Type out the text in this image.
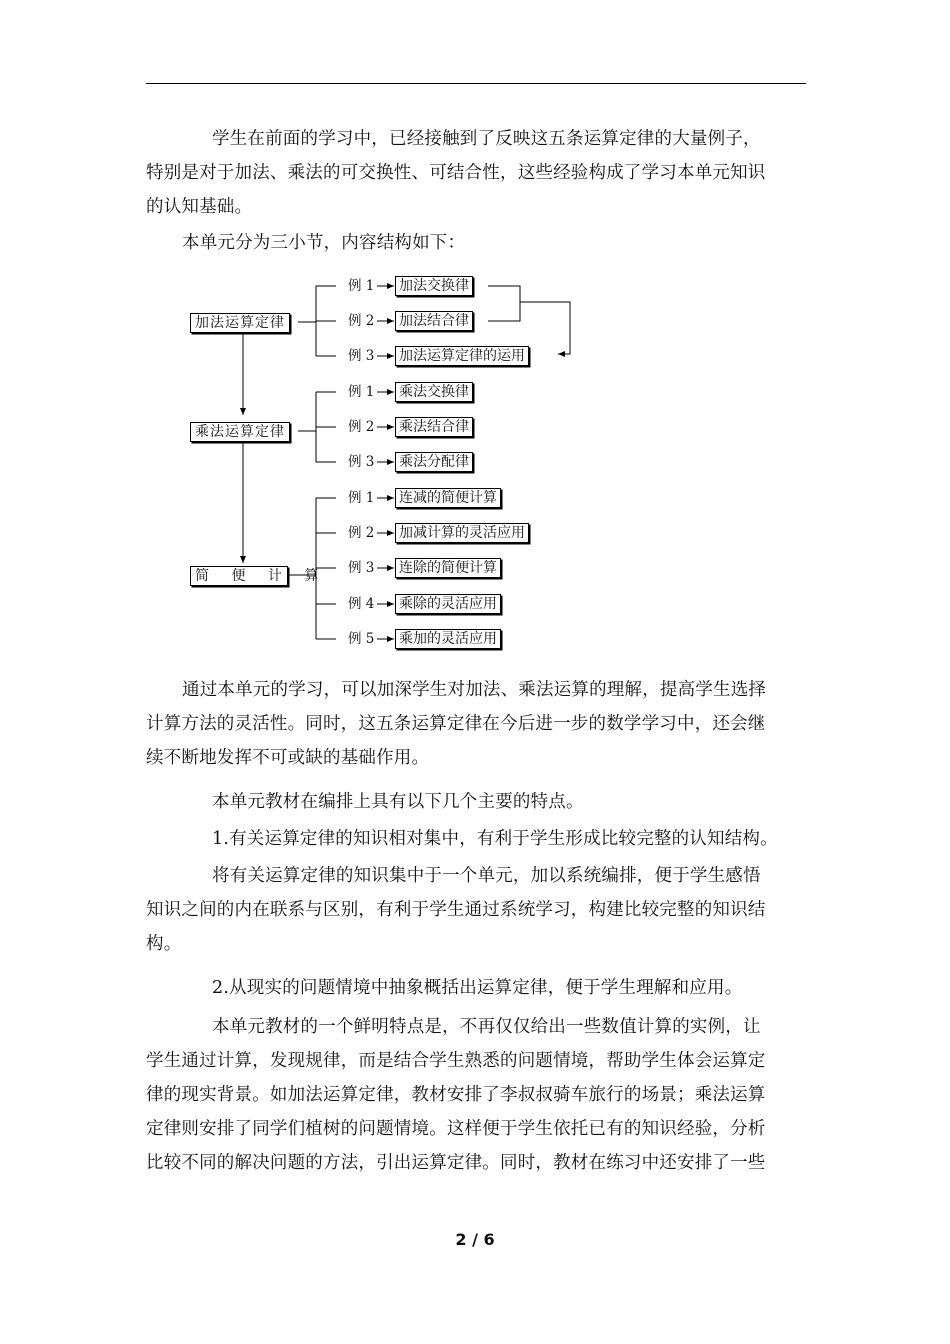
学生在前面的学习中，已经接触到了反映这五条运算定律的大量例子，
特别是对于加法、乘法的可交换性、可结合性，这些经验构成了学习本单元知识
的认知基础。

本单元分为三小节，内容结构如下：

加法运算定律
例 1
例 2
例 3
加法交换律
加法结合律
加法运算定律的运用
乘法运算定律
例 1
例 2
例 3
乘法交换律
乘法结合律
乘法分配律
简 便 计 算
例 1
例 2
例 3
例 4
例 5
连减的简便计算
加减计算的灵活应用
连除的简便计算
乘除的灵活应用
乘加的灵活应用

通过本单元的学习，可以加深学生对加法、乘法运算的理解，提高学生选择
计算方法的灵活性。同时，这五条运算定律在今后进一步的数学学习中，还会继
续不断地发挥不可或缺的基础作用。

本单元教材在编排上具有以下几个主要的特点。

1.有关运算定律的知识相对集中，有利于学生形成比较完整的认知结构。

将有关运算定律的知识集中于一个单元，加以系统编排，便于学生感悟
知识之间的内在联系与区别，有利于学生通过系统学习，构建比较完整的知识结
构。

2.从现实的问题情境中抽象概括出运算定律，便于学生理解和应用。

本单元教材的一个鲜明特点是，不再仅仅给出一些数值计算的实例，让
学生通过计算，发现规律，而是结合学生熟悉的问题情境，帮助学生体会运算定
律的现实背景。如加法运算定律，教材安排了李叔叔骑车旅行的场景；乘法运算
定律则安排了同学们植树的问题情境。这样便于学生依托已有的知识经验，分析
比较不同的解决问题的方法，引出运算定律。同时，教材在练习中还安排了一些

2 / 6
